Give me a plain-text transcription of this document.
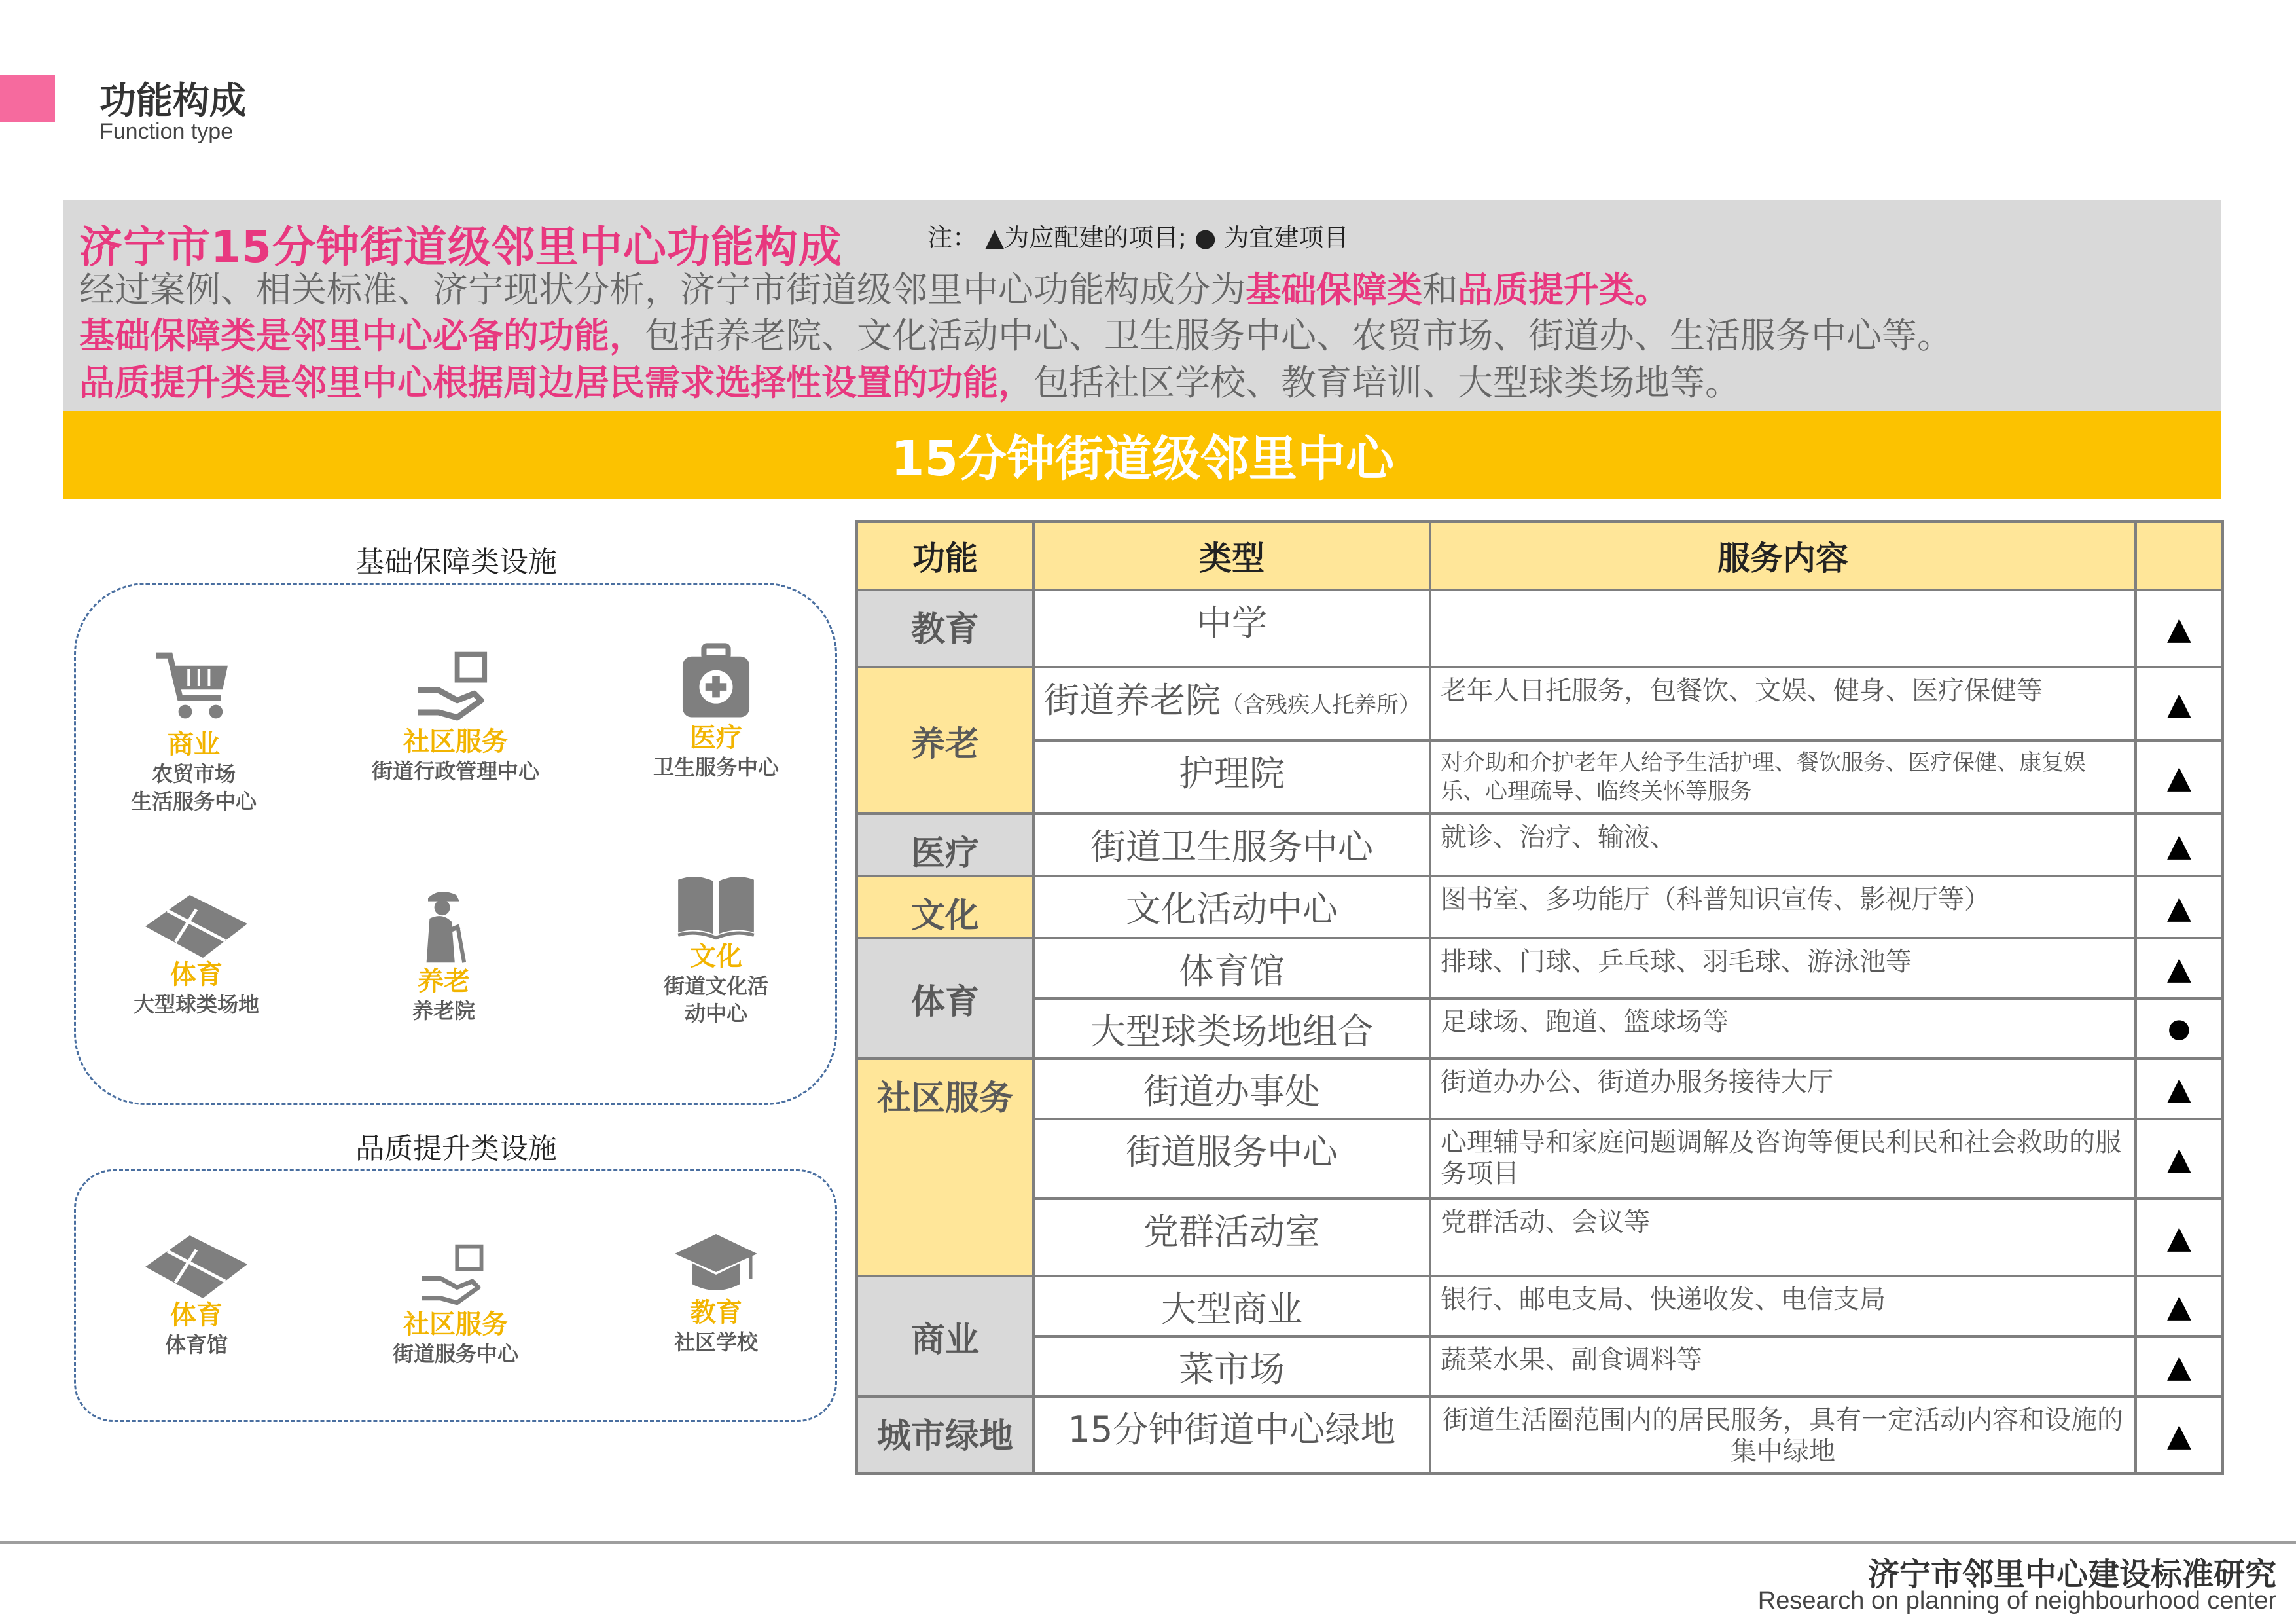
功能构成
Function type
济宁市15分钟街道级邻里中心功能构成	注： ▲为应配建的项目; ● 为宜建项目
经过案例、相关标准、济宁现状分析，济宁市街道级邻里中心功能构成分为基础保障类和品质提升类。
基础保障类是邻里中心必备的功能，包括养老院、文化活动中心、卫生服务中心、农贸市场、街道办、生活服务中心等。
品质提升类是邻里中心根据周边居民需求选择性设置的功能，包括社区学校、教育培训、大型球类场地等。
15分钟街道级邻里中心
基础保障类设施
商业
农贸市场
生活服务中心
社区服务
街道行政管理中心
医疗
卫生服务中心
体育
大型球类场地
养老
养老院
文化
街道文化活
动中心
品质提升类设施
体育
体育馆
社区服务
街道服务中心
教育
社区学校
功能	类型	服务内容	
教育	中学		▲
养老	街道养老院（含残疾人托养所）	老年人日托服务，包餐饮、文娱、健身、医疗保健等	▲
	护理院	对介助和介护老年人给予生活护理、餐饮服务、医疗保健、康复娱乐、心理疏导、临终关怀等服务	▲
医疗	街道卫生服务中心	就诊、治疗、输液、	▲
文化	文化活动中心	图书室、多功能厅（科普知识宣传、影视厅等）	▲
体育	体育馆	排球、门球、乒乓球、羽毛球、游泳池等	▲
	大型球类场地组合	足球场、跑道、篮球场等	●
社区服务	街道办事处	街道办办公、街道办服务接待大厅	▲
	街道服务中心	心理辅导和家庭问题调解及咨询等便民利民和社会救助的服务项目	▲
	党群活动室	党群活动、会议等	▲
商业	大型商业	银行、邮电支局、快递收发、电信支局	▲
	菜市场	蔬菜水果、副食调料等	▲
城市绿地	15分钟街道中心绿地	街道生活圈范围内的居民服务，具有一定活动内容和设施的集中绿地	▲
济宁市邻里中心建设标准研究
Research on planning of neighbourhood center
